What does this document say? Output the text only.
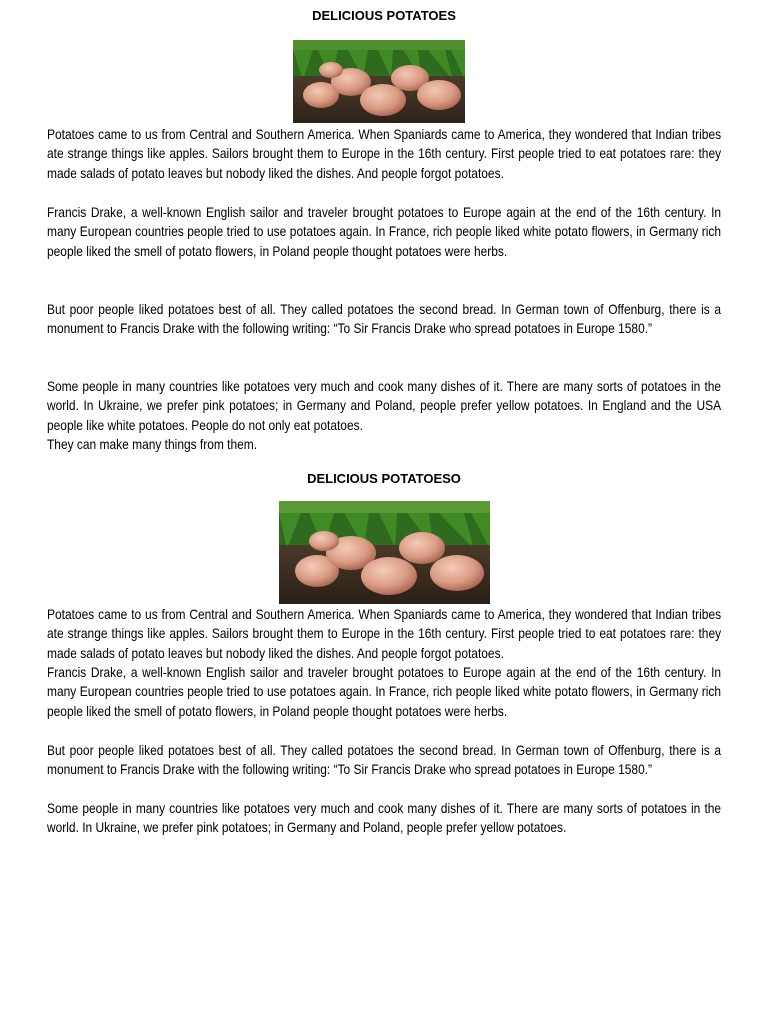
DELICIOUS POTATOES

Potatoes came to us from Central and Southern America. When Spaniards came to America, they wondered that Indian tribes ate strange things like apples. Sailors brought them to Europe in the 16th century. First people tried to eat potatoes rare: they made salads of potato leaves but nobody liked the dishes. And people forgot potatoes.

Francis Drake, a well-known English sailor and traveler brought potatoes to Europe again at the end of the 16th century. In many European countries people tried to use potatoes again. In France, rich people liked white potato flowers, in Germany rich people liked the smell of potato flowers, in Poland people thought potatoes were herbs.

But poor people liked potatoes best of all. They called potatoes the second bread. In German town of Offenburg, there is a monument to Francis Drake with the following writing: “To Sir Francis Drake who spread potatoes in Europe 1580.”

Some people in many countries like potatoes very much and cook many dishes of it. There are many sorts of potatoes in the world. In Ukraine, we prefer pink potatoes; in Germany and Poland, people prefer yellow potatoes. In England and the USA people like white potatoes. People do not only eat potatoes.

They can make many things from them.

DELICIOUS POTATOESO

Potatoes came to us from Central and Southern America. When Spaniards came to America, they wondered that Indian tribes ate strange things like apples. Sailors brought them to Europe in the 16th century. First people tried to eat potatoes rare: they made salads of potato leaves but nobody liked the dishes. And people forgot potatoes.

Francis Drake, a well-known English sailor and traveler brought potatoes to Europe again at the end of the 16th century. In many European countries people tried to use potatoes again. In France, rich people liked white potato flowers, in Germany rich people liked the smell of potato flowers, in Poland people thought potatoes were herbs.

But poor people liked potatoes best of all. They called potatoes the second bread. In German town of Offenburg, there is a monument to Francis Drake with the following writing: “To Sir Francis Drake who spread potatoes in Europe 1580.”

Some people in many countries like potatoes very much and cook many dishes of it. There are many sorts of potatoes in the world. In Ukraine, we prefer pink potatoes; in Germany and Poland, people prefer yellow potatoes.
